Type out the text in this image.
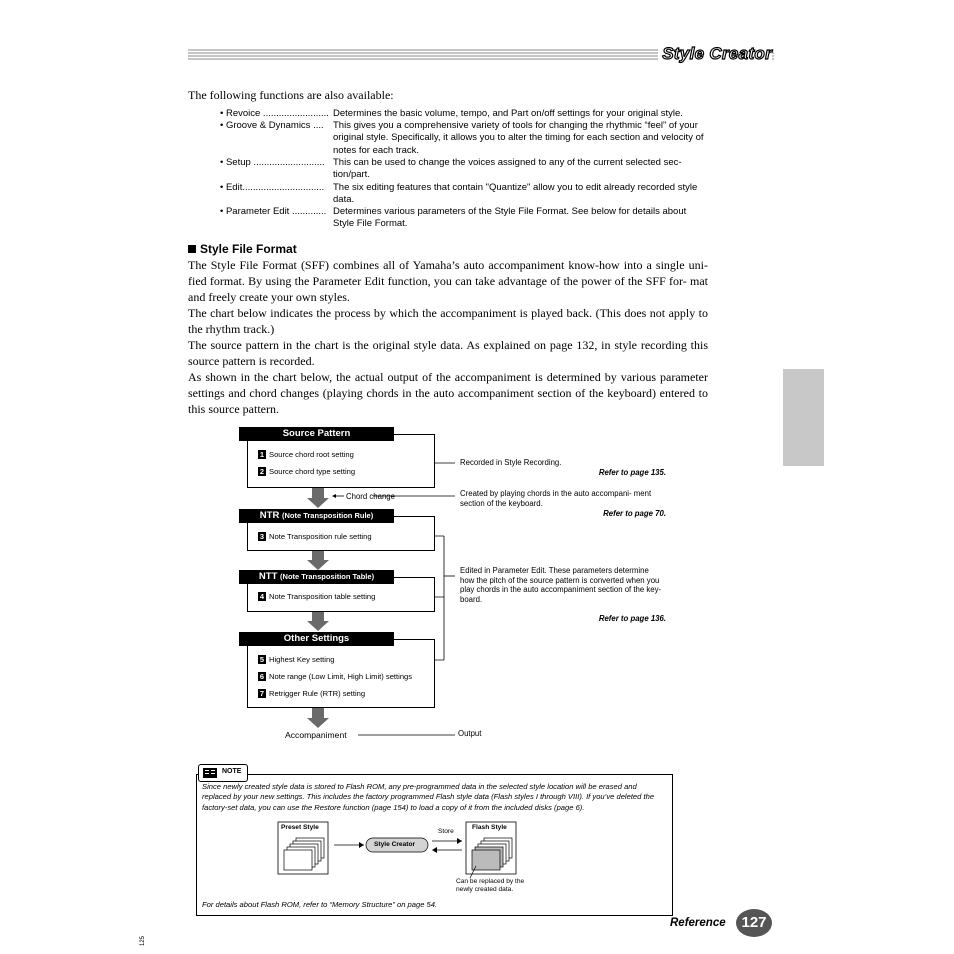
Style Creator
The following functions are also available:
• Revoice ......................... Determines the basic volume, tempo, and Part on/off settings for your original style.
• Groove & Dynamics .... This gives you a comprehensive variety of tools for changing the rhythmic “feel” of your original style. Specifically, it allows you to alter the timing for each section and velocity of notes for each track.
• Setup ........................... This can be used to change the voices assigned to any of the current selected sec- tion/part.
• Edit............................... The six editing features that contain "Quantize" allow you to edit already recorded style data.
• Parameter Edit ............. Determines various parameters of the Style File Format. See below for details about Style File Format.
Style File Format

The Style File Format (SFF) combines all of Yamaha’s auto accompaniment know-how into a single uni- fied format. By using the Parameter Edit function, you can take advantage of the power of the SFF for- mat and freely create your own styles.

The chart below indicates the process by which the accompaniment is played back. (This does not apply to the rhythm track.)

The source pattern in the chart is the original style data. As explained on page 132, in style recording this source pattern is recorded.

As shown in the chart below, the actual output of the accompaniment is determined by various parameter settings and chord changes (playing chords in the auto accompaniment section of the keyboard) entered to this source pattern.

Source Pattern
1 Source chord root setting
2 Source chord type setting
Chord change
NTR (Note Transposition Rule)
3 Note Transposition rule setting
NTT (Note Transposition Table)
4 Note Transposition table setting
Other Settings
5 Highest Key setting
6 Note range (Low Limit, High Limit) settings
7 Retrigger Rule (RTR) setting
Accompaniment	Output
Recorded in Style Recording.
Refer to page 135.
Created by playing chords in the auto accompani- ment section of the keyboard.
Refer to page 70.
Edited in Parameter Edit. These parameters determine how the pitch of the source pattern is converted when you play chords in the auto accompaniment section of the key- board.
Refer to page 136.
NOTE
Since newly created style data is stored to Flash ROM, any pre-programmed data in the selected style location will be erased and replaced by your new settings. This includes the factory programmed Flash style data (Flash styles I through VIII). If you’ve deleted the factory-set data, you can use the Restore function (page 154) to load a copy of it from the included disks (page 6).
Preset Style
Style Creator
Store
Flash Style
Can be replaced by the newly created data.
For details about Flash ROM, refer to “Memory Structure” on page 54.
Reference	127
125
